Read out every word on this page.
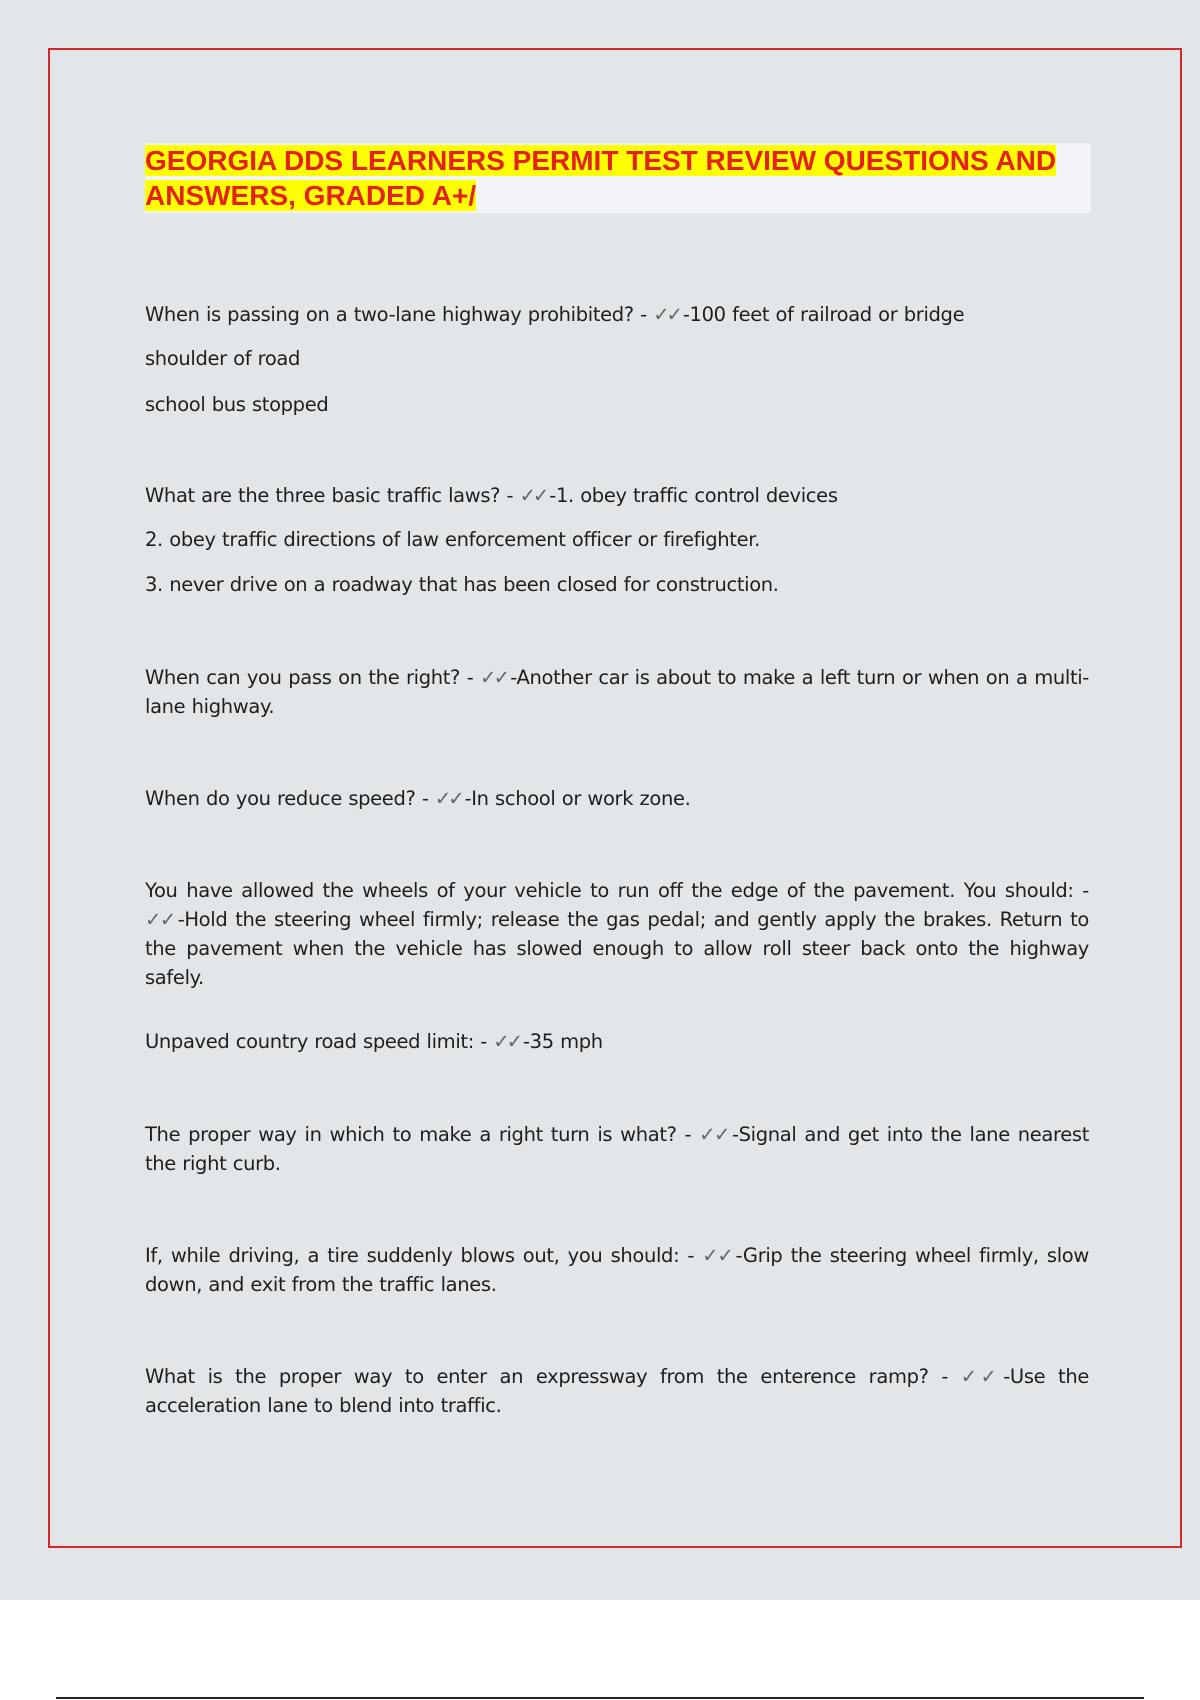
GEORGIA DDS LEARNERS PERMIT TEST REVIEW QUESTIONS AND
ANSWERS, GRADED A+/

When is passing on a two-lane highway prohibited? - ✓✓ -100 feet of railroad or bridge

shoulder of road

school bus stopped

What are the three basic traffic laws? - ✓✓ -1. obey traffic control devices

2. obey traffic directions of law enforcement officer or firefighter.

3. never drive on a roadway that has been closed for construction.

When can you pass on the right? - ✓✓ -Another car is about to make a left turn or when on a multi-lane highway.

When do you reduce speed? - ✓✓ -In school or work zone.

You have allowed the wheels of your vehicle to run off the edge of the pavement. You should: - ✓✓ -Hold the steering wheel firmly; release the gas pedal; and gently apply the brakes. Return to the pavement when the vehicle has slowed enough to allow roll steer back onto the highway safely.

Unpaved country road speed limit: - ✓✓ -35 mph

The proper way in which to make a right turn is what? - ✓✓ -Signal and get into the lane nearest the right curb.

If, while driving, a tire suddenly blows out, you should: - ✓✓ -Grip the steering wheel firmly, slow down, and exit from the traffic lanes.

What is the proper way to enter an expressway from the enterence ramp? - ✓✓ -Use the acceleration lane to blend into traffic.
